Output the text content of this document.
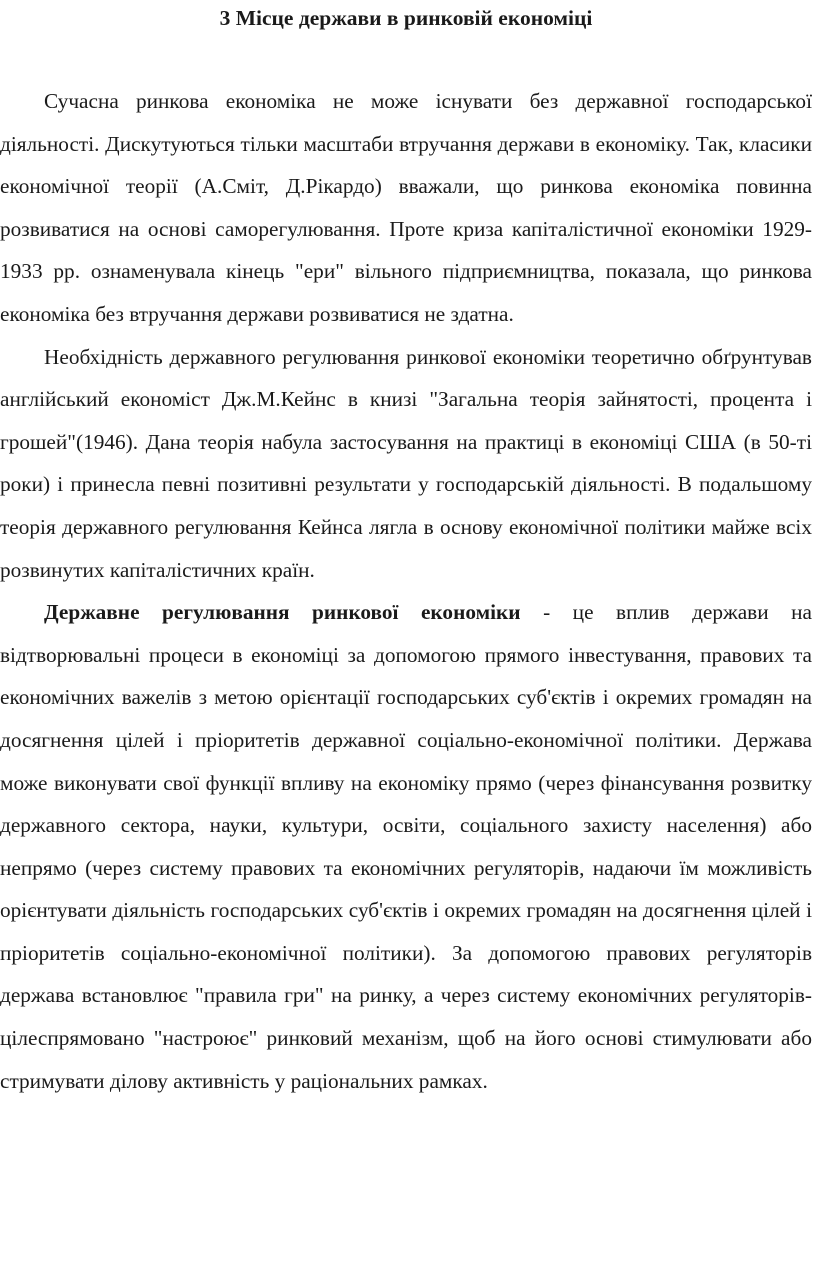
3 Місце держави в ринковій економіці

Сучасна ринкова економіка не може існувати без державної господарської діяльності. Дискутуються тільки масштаби втручання держави в економіку. Так, класики економічної теорії (А.Сміт, Д.Рікардо) вважали, що ринкова економіка повинна розвиватися на основі саморегулювання. Проте криза капіталістичної економіки 1929-1933 рр. ознаменувала кінець "ери" вільного підприємництва, показала, що ринкова економіка без втручання держави розвиватися не здатна.

Необхідність державного регулювання ринкової економіки теоретично обґрунтував англійський економіст Дж.М.Кейнс в книзі "Загальна теорія зайнятості, процента і грошей"(1946). Дана теорія набула застосування на практиці в економіці США (в 50-ті роки) і принесла певні позитивні результати у господарській діяльності. В подальшому теорія державного регулювання Кейнса лягла в основу економічної політики майже всіх розвинутих капіталістичних країн.

Державне регулювання ринкової економіки - це вплив держави на відтворювальні процеси в економіці за допомогою прямого інвестування, правових та економічних важелів з метою орієнтації господарських суб'єктів і окремих громадян на досягнення цілей і пріоритетів державної соціально-економічної політики. Держава може виконувати свої функції впливу на економіку прямо (через фінансування розвитку державного сектора, науки, культури, освіти, соціального захисту населення) або непрямо (через систему правових та економічних регуляторів, надаючи їм можливість орієнтувати діяльність господарських суб'єктів і окремих громадян на досягнення цілей і пріоритетів соціально-економічної політики). За допомогою правових регуляторів держава встановлює "правила гри" на ринку, а через систему економічних регуляторів-цілеспрямовано "настроює" ринковий механізм, щоб на його основі стимулювати або стримувати ділову активність у раціональних рамках.
